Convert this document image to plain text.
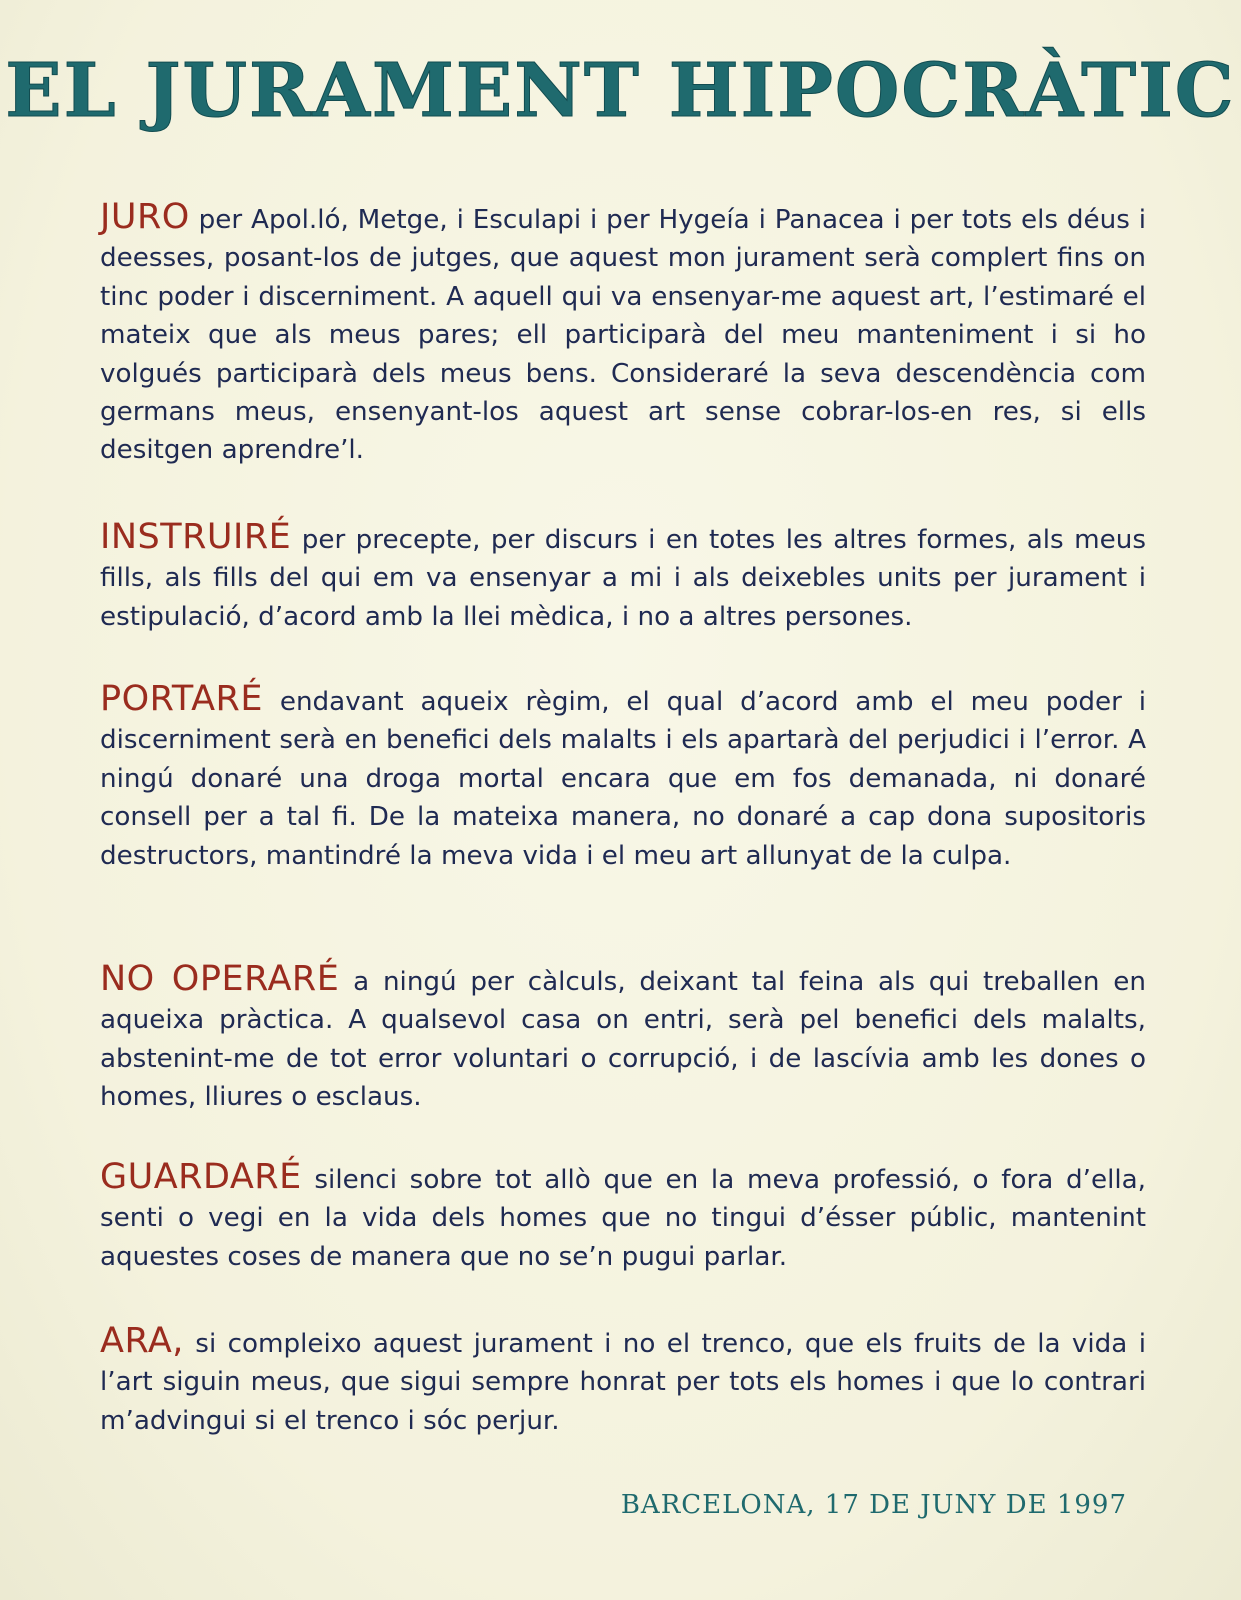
EL JURAMENT HIPOCRÀTIC

JURO per Apol.ló, Metge, i Esculapi i per Hygeía i Panacea i per tots els déus i deesses, posant-los de jutges, que aquest mon jurament serà complert fins on tinc poder i discerniment. A aquell qui va ensenyar-me aquest art, l’estimaré el mateix que als meus pares; ell participarà del meu manteniment i si ho volgués participarà dels meus bens. Consideraré la seva descendència com germans meus, ensenyant-los aquest art sense cobrar-los-en res, si ells desitgen aprendre’l.

INSTRUIRÉ per precepte, per discurs i en totes les altres formes, als meus fills, als fills del qui em va ensenyar a mi i als deixebles units per jurament i estipulació, d’acord amb la llei mèdica, i no a altres persones.

PORTARÉ endavant aqueix règim, el qual d’acord amb el meu poder i discerniment serà en benefici dels malalts i els apartarà del perjudici i l’error. A ningú donaré una droga mortal encara que em fos demanada, ni donaré consell per a tal fi. De la mateixa manera, no donaré a cap dona supositoris destructors, mantindré la meva vida i el meu art allunyat de la culpa.

NO OPERARÉ a ningú per càlculs, deixant tal feina als qui treballen en aqueixa pràctica. A qualsevol casa on entri, serà pel benefici dels malalts, abstenint-me de tot error voluntari o corrupció, i de lascívia amb les dones o homes, lliures o esclaus.

GUARDARÉ silenci sobre tot allò que en la meva professió, o fora d’ella, senti o vegi en la vida dels homes que no tingui d’ésser públic, mantenint aquestes coses de manera que no se’n pugui parlar.

ARA, si compleixo aquest jurament i no el trenco, que els fruits de la vida i l’art siguin meus, que sigui sempre honrat per tots els homes i que lo contrari m’advingui si el trenco i sóc perjur.

BARCELONA, 17 DE JUNY DE 1997
